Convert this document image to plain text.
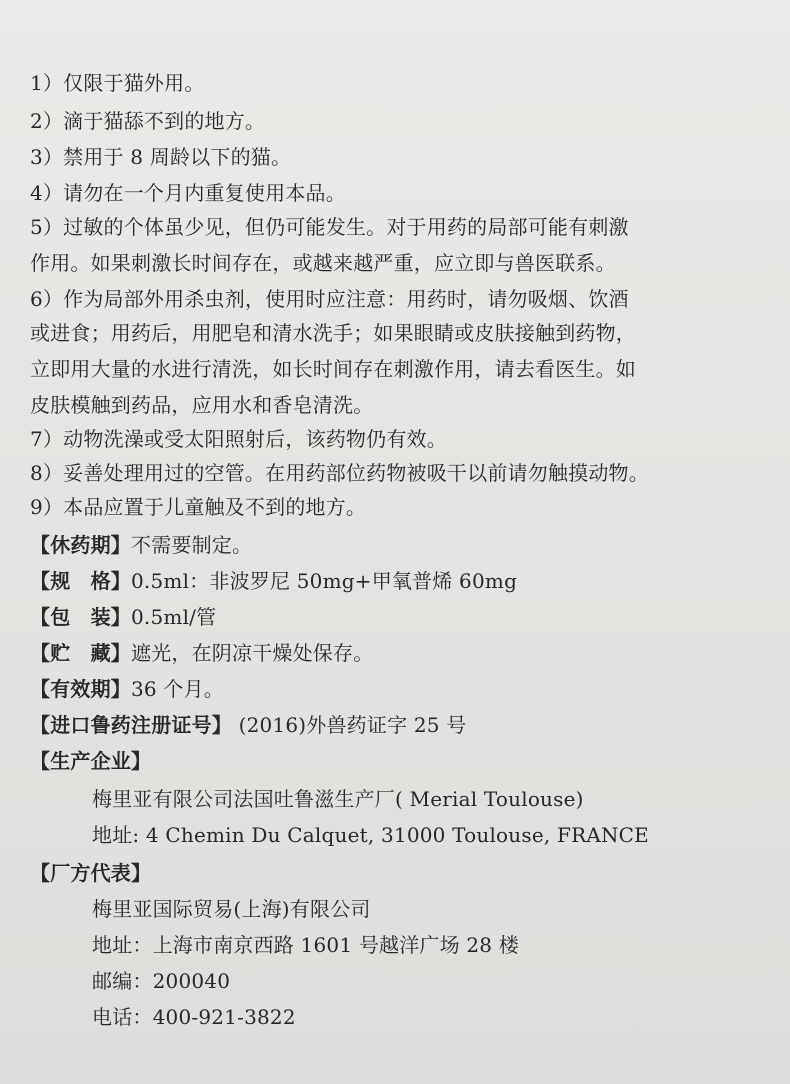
1）仅限于猫外用。
2）滴于猫舔不到的地方。
3）禁用于 8 周龄以下的猫。
4）请勿在一个月内重复使用本品。
5）过敏的个体虽少见，但仍可能发生。对于用药的局部可能有刺激
作用。如果刺激长时间存在，或越来越严重，应立即与兽医联系。
6）作为局部外用杀虫剂，使用时应注意：用药时，请勿吸烟、饮酒
或进食；用药后，用肥皂和清水洗手；如果眼睛或皮肤接触到药物，
立即用大量的水进行清洗，如长时间存在刺激作用，请去看医生。如
皮肤模触到药品，应用水和香皂清洗。
7）动物洗澡或受太阳照射后，该药物仍有效。
8）妥善处理用过的空管。在用药部位药物被吸干以前请勿触摸动物。
9）本品应置于儿童触及不到的地方。
【休药期】不需要制定。
【规　格】0.5ml：非波罗尼 50mg+甲氧普烯 60mg
【包　装】0.5ml/管
【贮　藏】遮光，在阴凉干燥处保存。
【有效期】36 个月。
【进口鲁药注册证号】 (2016)外兽药证字 25 号
【生产企业】
梅里亚有限公司法国吐鲁滋生产厂( Merial Toulouse)
地址: 4 Chemin Du Calquet, 31000 Toulouse, FRANCE
【厂方代表】
梅里亚国际贸易(上海)有限公司
地址：上海市南京西路 1601 号越洋广场 28 楼
邮编：200040
电话：400-921-3822
